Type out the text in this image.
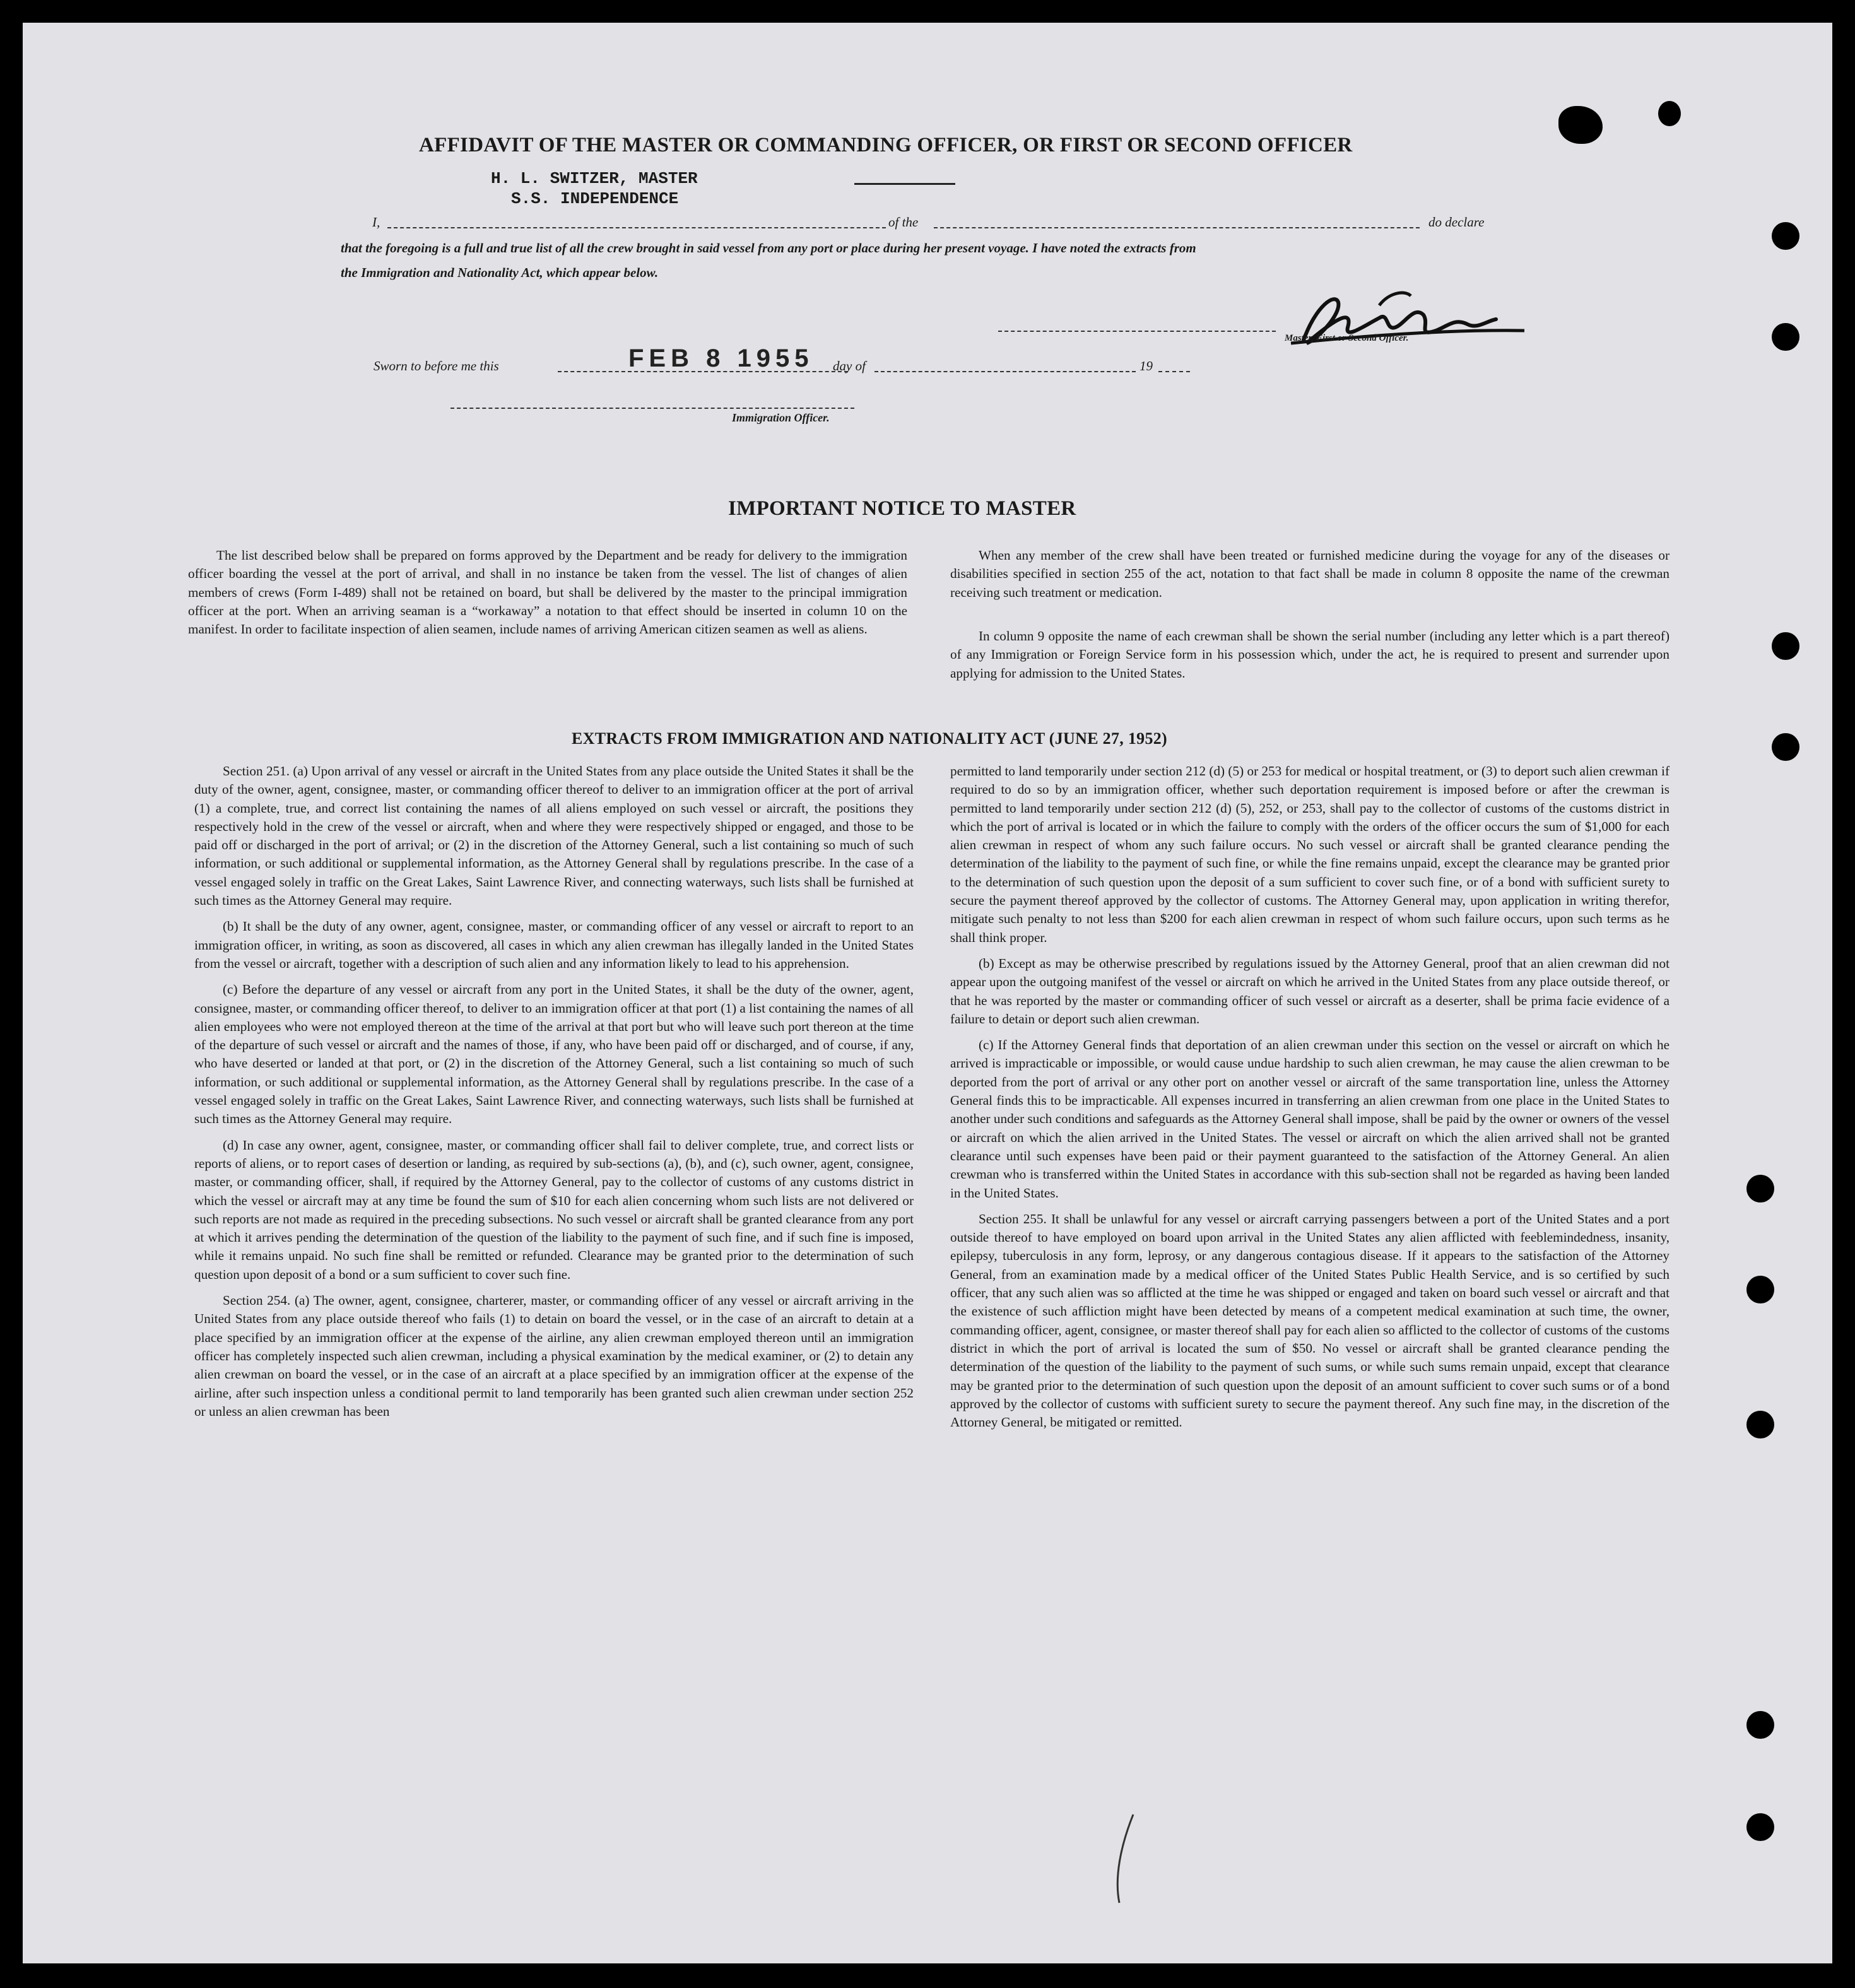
AFFIDAVIT OF THE MASTER OR COMMANDING OFFICER, OR FIRST OR SECOND OFFICER
H. L. SWITZER, MASTER
S.S. INDEPENDENCE
I,	of the	do declare
that the foregoing is a full and true list of all the crew brought in said vessel from any port or place during her present voyage. I have noted the extracts from
the Immigration and Nationality Act, which appear below.
Master, First or Second Officer.
Sworn to before me this	FEB 8 1955 day of	19
Immigration Officer.
IMPORTANT NOTICE TO MASTER
The list described below shall be prepared on forms approved by the Department and be ready for delivery to the immigration officer boarding the vessel at the port of arrival, and shall in no instance be taken from the vessel. The list of changes of alien members of crews (Form I-489) shall not be retained on board, but shall be delivered by the master to the principal immigration officer at the port. When an arriving seaman is a “workaway” a notation to that effect should be inserted in column 10 on the manifest. In order to facilitate inspection of alien seamen, include names of arriving American citizen seamen as well as aliens.
When any member of the crew shall have been treated or furnished medicine during the voyage for any of the diseases or disabilities specified in section 255 of the act, notation to that fact shall be made in column 8 opposite the name of the crewman receiving such treatment or medication.
In column 9 opposite the name of each crewman shall be shown the serial number (including any letter which is a part thereof) of any Immigration or Foreign Service form in his possession which, under the act, he is required to present and surrender upon applying for admission to the United States.
EXTRACTS FROM IMMIGRATION AND NATIONALITY ACT (JUNE 27, 1952)
Section 251. (a) Upon arrival of any vessel or aircraft in the United States from any place outside the United States it shall be the duty of the owner, agent, consignee, master, or commanding officer thereof to deliver to an immigration officer at the port of arrival (1) a complete, true, and correct list containing the names of all aliens employed on such vessel or aircraft, the positions they respectively hold in the crew of the vessel or aircraft, when and where they were respectively shipped or engaged, and those to be paid off or discharged in the port of arrival; or (2) in the discretion of the Attorney General, such a list containing so much of such information, or such additional or supplemental information, as the Attorney General shall by regulations prescribe. In the case of a vessel engaged solely in traffic on the Great Lakes, Saint Lawrence River, and connecting waterways, such lists shall be furnished at such times as the Attorney General may require.
(b) It shall be the duty of any owner, agent, consignee, master, or commanding officer of any vessel or aircraft to report to an immigration officer, in writing, as soon as discovered, all cases in which any alien crewman has illegally landed in the United States from the vessel or aircraft, together with a description of such alien and any information likely to lead to his apprehension.
(c) Before the departure of any vessel or aircraft from any port in the United States, it shall be the duty of the owner, agent, consignee, master, or commanding officer thereof, to deliver to an immigration officer at that port (1) a list containing the names of all alien employees who were not employed thereon at the time of the arrival at that port but who will leave such port thereon at the time of the departure of such vessel or aircraft and the names of those, if any, who have been paid off or discharged, and of course, if any, who have deserted or landed at that port, or (2) in the discretion of the Attorney General, such a list containing so much of such information, or such additional or supplemental information, as the Attorney General shall by regulations prescribe. In the case of a vessel engaged solely in traffic on the Great Lakes, Saint Lawrence River, and connecting waterways, such lists shall be furnished at such times as the Attorney General may require.
(d) In case any owner, agent, consignee, master, or commanding officer shall fail to deliver complete, true, and correct lists or reports of aliens, or to report cases of desertion or landing, as required by sub-sections (a), (b), and (c), such owner, agent, consignee, master, or commanding officer, shall, if required by the Attorney General, pay to the collector of customs of any customs district in which the vessel or aircraft may at any time be found the sum of $10 for each alien concerning whom such lists are not delivered or such reports are not made as required in the preceding subsections. No such vessel or aircraft shall be granted clearance from any port at which it arrives pending the determination of the question of the liability to the payment of such fine, and if such fine is imposed, while it remains unpaid. No such fine shall be remitted or refunded. Clearance may be granted prior to the determination of such question upon deposit of a bond or a sum sufficient to cover such fine.
Section 254. (a) The owner, agent, consignee, charterer, master, or commanding officer of any vessel or aircraft arriving in the United States from any place outside thereof who fails (1) to detain on board the vessel, or in the case of an aircraft to detain at a place specified by an immigration officer at the expense of the airline, any alien crewman employed thereon until an immigration officer has completely inspected such alien crewman, including a physical examination by the medical examiner, or (2) to detain any alien crewman on board the vessel, or in the case of an aircraft at a place specified by an immigration officer at the expense of the airline, after such inspection unless a conditional permit to land temporarily has been granted such alien crewman under section 252 or unless an alien crewman has been
permitted to land temporarily under section 212 (d) (5) or 253 for medical or hospital treatment, or (3) to deport such alien crewman if required to do so by an immigration officer, whether such deportation requirement is imposed before or after the crewman is permitted to land temporarily under section 212 (d) (5), 252, or 253, shall pay to the collector of customs of the customs district in which the port of arrival is located or in which the failure to comply with the orders of the officer occurs the sum of $1,000 for each alien crewman in respect of whom any such failure occurs. No such vessel or aircraft shall be granted clearance pending the determination of the liability to the payment of such fine, or while the fine remains unpaid, except the clearance may be granted prior to the determination of such question upon the deposit of a sum sufficient to cover such fine, or of a bond with sufficient surety to secure the payment thereof approved by the collector of customs. The Attorney General may, upon application in writing therefor, mitigate such penalty to not less than $200 for each alien crewman in respect of whom such failure occurs, upon such terms as he shall think proper.
(b) Except as may be otherwise prescribed by regulations issued by the Attorney General, proof that an alien crewman did not appear upon the outgoing manifest of the vessel or aircraft on which he arrived in the United States from any place outside thereof, or that he was reported by the master or commanding officer of such vessel or aircraft as a deserter, shall be prima facie evidence of a failure to detain or deport such alien crewman.
(c) If the Attorney General finds that deportation of an alien crewman under this section on the vessel or aircraft on which he arrived is impracticable or impossible, or would cause undue hardship to such alien crewman, he may cause the alien crewman to be deported from the port of arrival or any other port on another vessel or aircraft of the same transportation line, unless the Attorney General finds this to be impracticable. All expenses incurred in transferring an alien crewman from one place in the United States to another under such conditions and safeguards as the Attorney General shall impose, shall be paid by the owner or owners of the vessel or aircraft on which the alien arrived in the United States. The vessel or aircraft on which the alien arrived shall not be granted clearance until such expenses have been paid or their payment guaranteed to the satisfaction of the Attorney General. An alien crewman who is transferred within the United States in accordance with this sub-section shall not be regarded as having been landed in the United States.
Section 255. It shall be unlawful for any vessel or aircraft carrying passengers between a port of the United States and a port outside thereof to have employed on board upon arrival in the United States any alien afflicted with feeblemindedness, insanity, epilepsy, tuberculosis in any form, leprosy, or any dangerous contagious disease. If it appears to the satisfaction of the Attorney General, from an examination made by a medical officer of the United States Public Health Service, and is so certified by such officer, that any such alien was so afflicted at the time he was shipped or engaged and taken on board such vessel or aircraft and that the existence of such affliction might have been detected by means of a competent medical examination at such time, the owner, commanding officer, agent, consignee, or master thereof shall pay for each alien so afflicted to the collector of customs of the customs district in which the port of arrival is located the sum of $50. No vessel or aircraft shall be granted clearance pending the determination of the question of the liability to the payment of such sums, or while such sums remain unpaid, except that clearance may be granted prior to the determination of such question upon the deposit of an amount sufficient to cover such sums or of a bond approved by the collector of customs with sufficient surety to secure the payment thereof. Any such fine may, in the discretion of the Attorney General, be mitigated or remitted.
